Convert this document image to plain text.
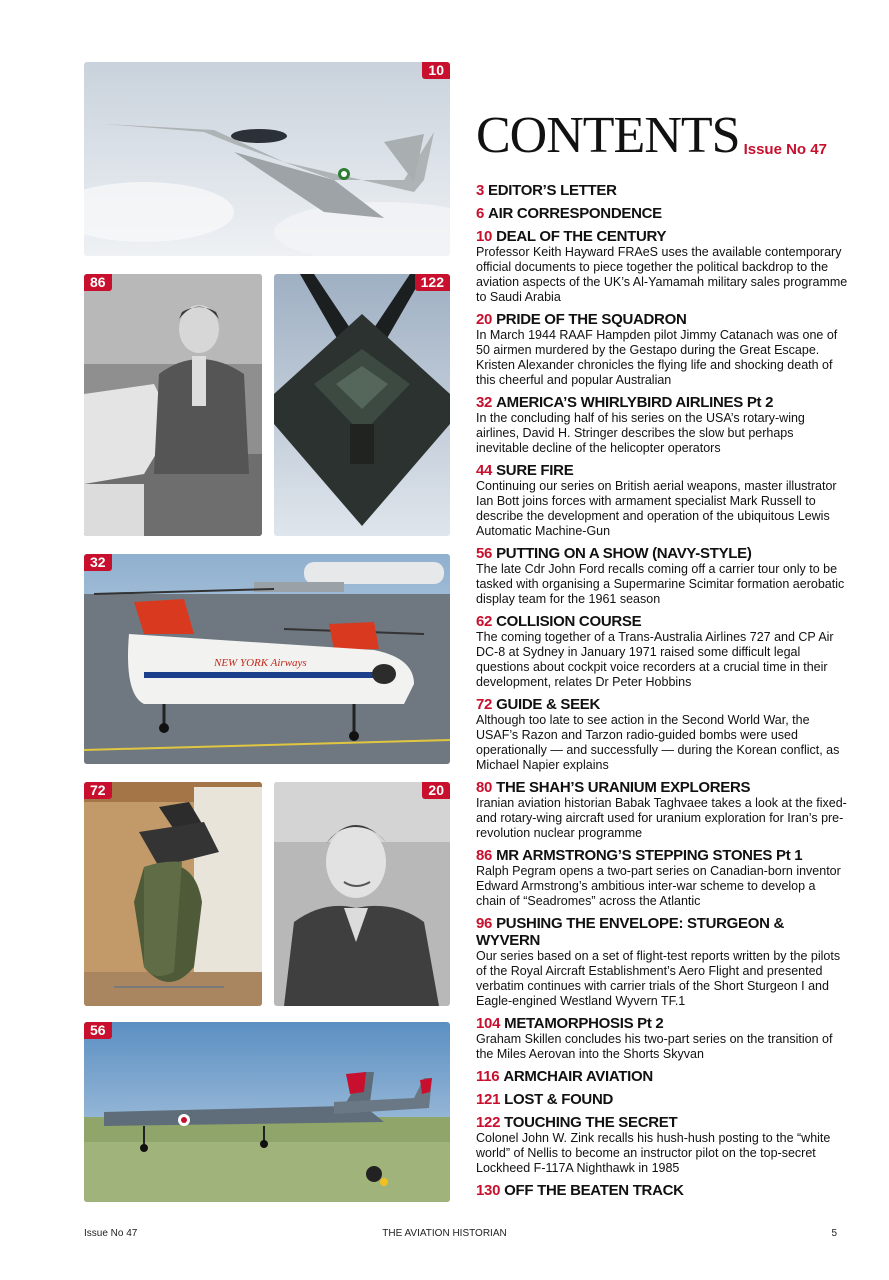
10
86	122
NEW YORK Airways
32
72	20
56
CONTENTS Issue No 47
3 EDITOR’S LETTER
6 AIR CORRESPONDENCE
10 DEAL OF THE CENTURY
Professor Keith Hayward FRAeS uses the available contemporary official documents to piece together the political backdrop to the aviation aspects of the UK’s Al-Yamamah military sales programme to Saudi Arabia
20 PRIDE OF THE SQUADRON
In March 1944 RAAF Hampden pilot Jimmy Catanach was one of 50 airmen murdered by the Gestapo during the Great Escape. Kristen Alexander chronicles the flying life and shocking death of this cheerful and popular Australian
32 AMERICA’S WHIRLYBIRD AIRLINES Pt 2
In the concluding half of his series on the USA’s rotary-wing airlines, David H. Stringer describes the slow but perhaps inevitable decline of the helicopter operators
44 SURE FIRE
Continuing our series on British aerial weapons, master illustrator Ian Bott joins forces with armament specialist Mark Russell to describe the development and operation of the ubiquitous Lewis Automatic Machine-Gun
56 PUTTING ON A SHOW (NAVY-STYLE)
The late Cdr John Ford recalls coming off a carrier tour only to be tasked with organising a Supermarine Scimitar formation aerobatic display team for the 1961 season
62 COLLISION COURSE
The coming together of a Trans-Australia Airlines 727 and CP Air DC-8 at Sydney in January 1971 raised some difficult legal questions about cockpit voice recorders at a crucial time in their development, relates Dr Peter Hobbins
72 GUIDE & SEEK
Although too late to see action in the Second World War, the USAF’s Razon and Tarzon radio-guided bombs were used operationally — and successfully — during the Korean conflict, as Michael Napier explains
80 THE SHAH’S URANIUM EXPLORERS
Iranian aviation historian Babak Taghvaee takes a look at the fixed- and rotary-wing aircraft used for uranium exploration for Iran’s pre-revolution nuclear programme
86 MR ARMSTRONG’S STEPPING STONES Pt 1
Ralph Pegram opens a two-part series on Canadian-born inventor Edward Armstrong’s ambitious inter-war scheme to develop a chain of “Seadromes” across the Atlantic
96 PUSHING THE ENVELOPE: STURGEON & WYVERN
Our series based on a set of flight-test reports written by the pilots of the Royal Aircraft Establishment’s Aero Flight and presented verbatim continues with carrier trials of the Short Sturgeon I and Eagle-engined Westland Wyvern TF.1
104 METAMORPHOSIS Pt 2
Graham Skillen concludes his two-part series on the transition of the Miles Aerovan into the Shorts Skyvan
116 ARMCHAIR AVIATION
121 LOST & FOUND
122 TOUCHING THE SECRET
Colonel John W. Zink recalls his hush-hush posting to the “white world” of Nellis to become an instructor pilot on the top-secret Lockheed F-117A Nighthawk in 1985
130 OFF THE BEATEN TRACK
Issue No 47	THE AVIATION HISTORIAN	5
